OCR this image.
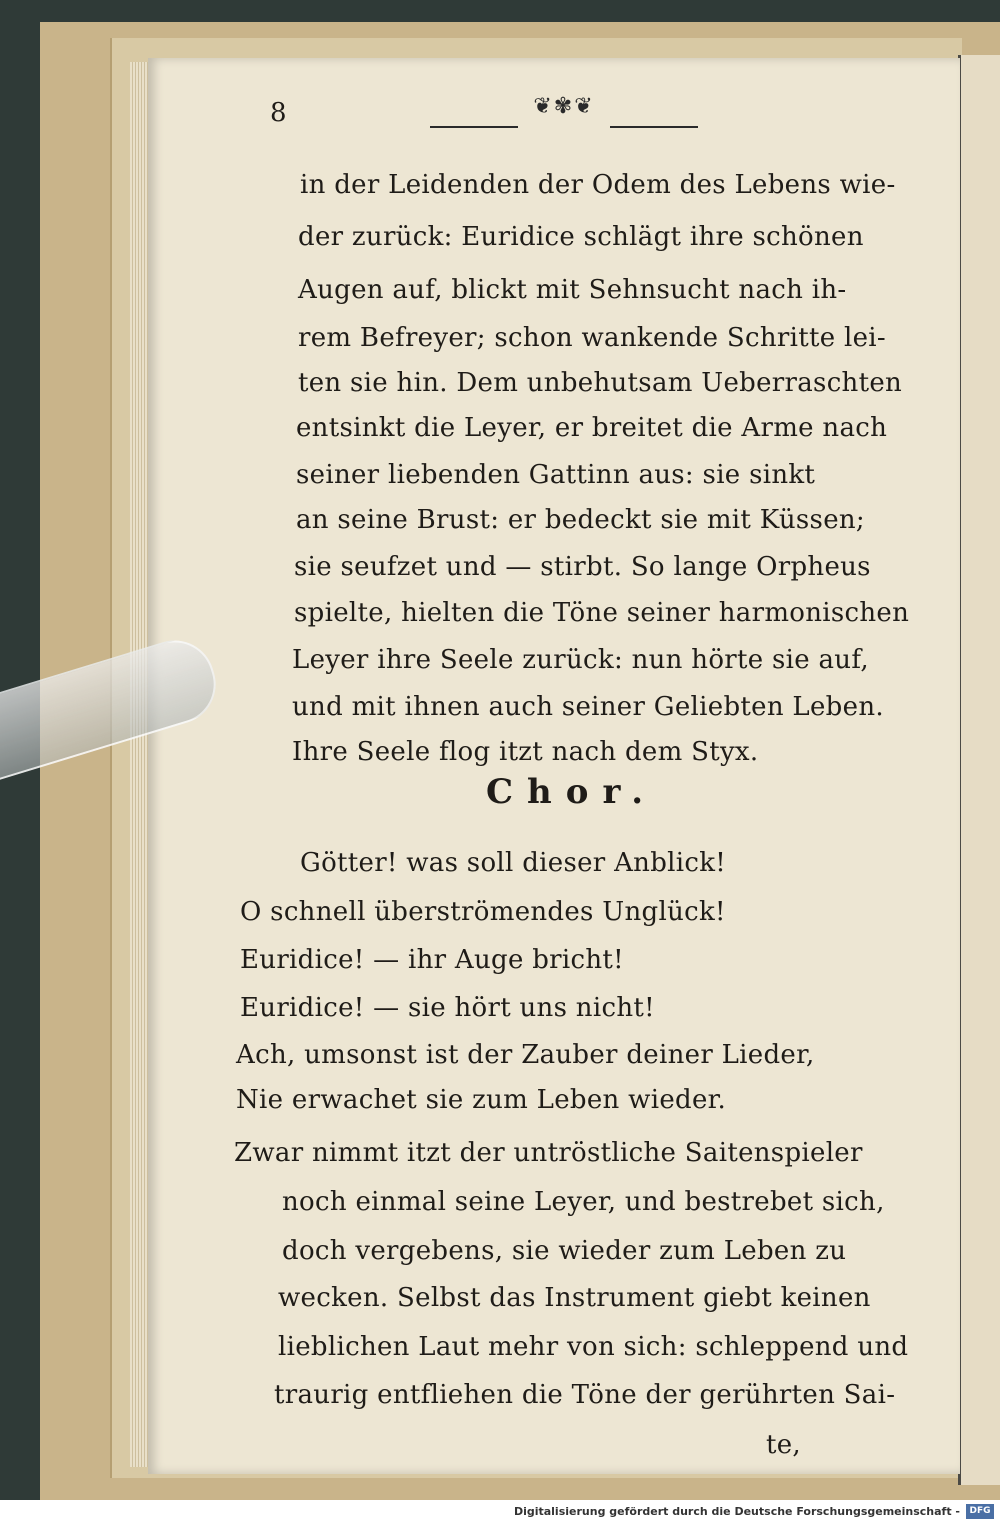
8	❦✾❦
in der Leidenden der Odem des Lebens wie-
der zurück: Euridice schlägt ihre schönen
Augen auf, blickt mit Sehnsucht nach ih-
rem Befreyer; schon wankende Schritte lei-
ten sie hin. Dem unbehutsam Ueberraschten
entsinkt die Leyer, er breitet die Arme nach
seiner liebenden Gattinn aus: sie sinkt
an seine Brust: er bedeckt sie mit Küssen;
sie seufzet und — stirbt. So lange Orpheus
spielte, hielten die Töne seiner harmonischen
Leyer ihre Seele zurück: nun hörte sie auf,
und mit ihnen auch seiner Geliebten Leben.
Ihre Seele flog itzt nach dem Styx.
Chor.
Götter! was soll dieser Anblick!
O schnell überströmendes Unglück!
Euridice! — ihr Auge bricht!
Euridice! — sie hört uns nicht!
Ach, umsonst ist der Zauber deiner Lieder,
Nie erwachet sie zum Leben wieder.
Zwar nimmt itzt der untröstliche Saitenspieler
noch einmal seine Leyer, und bestrebet sich,
doch vergebens, sie wieder zum Leben zu
wecken. Selbst das Instrument giebt keinen
lieblichen Laut mehr von sich: schleppend und
traurig entfliehen die Töne der gerührten Sai-
te,
Digitalisierung gefördert durch die Deutsche Forschungsgemeinschaft -	DFG
